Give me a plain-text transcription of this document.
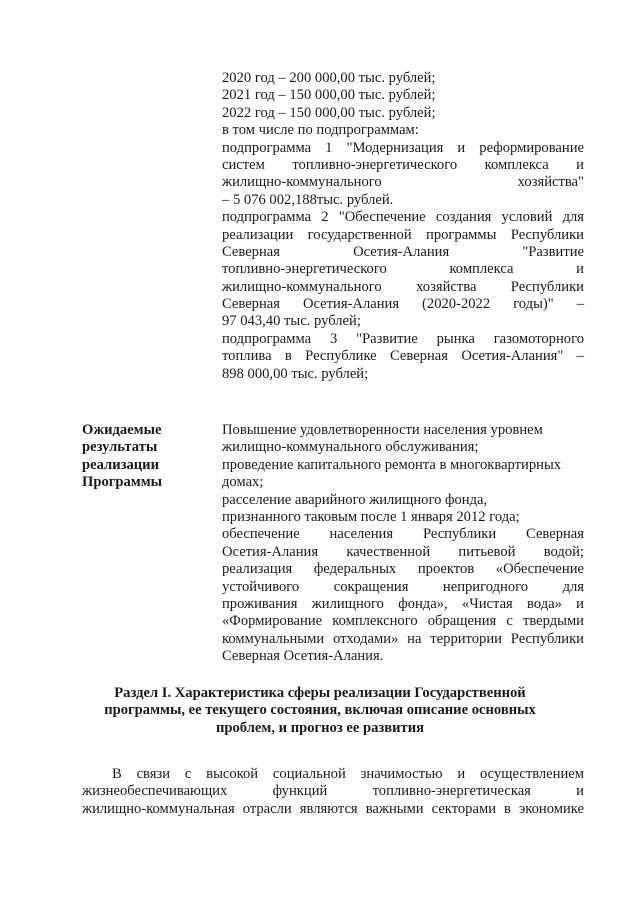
2020 год – 200 000,00 тыс. рублей;
2021 год – 150 000,00 тыс. рублей;
2022 год – 150 000,00 тыс. рублей;
в том числе по подпрограммам:
подпрограмма 1 "Модернизация и реформирование
систем топливно-энергетического комплекса и
жилищно-коммунального хозяйства"
– 5 076 002,188тыс. рублей.
подпрограмма 2 "Обеспечение создания условий для
реализации государственной программы Республики
Северная Осетия-Алания "Развитие
топливно-энергетического комплекса и
жилищно-коммунального хозяйства Республики
Северная Осетия-Алания (2020-2022 годы)" –
97 043,40 тыс. рублей;
подпрограмма 3 "Развитие рынка газомоторного
топлива в Республике Северная Осетия-Алания" –
898 000,00 тыс. рублей;
Ожидаемые результаты реализации Программы
Повышение удовлетворенности населения уровнем
жилищно-коммунального обслуживания;
проведение капитального ремонта в многоквартирных
домах;
расселение аварийного жилищного фонда,
признанного таковым после 1 января 2012 года;
обеспечение населения Республики Северная
Осетия-Алания качественной питьевой водой;
реализация федеральных проектов «Обеспечение
устойчивого сокращения непригодного для
проживания жилищного фонда», «Чистая вода» и
«Формирование комплексного обращения с твердыми
коммунальными отходами» на территории Республики
Северная Осетия-Алания.
Раздел I. Характеристика сферы реализации Государственной
программы, ее текущего состояния, включая описание основных
проблем, и прогноз ее развития
В связи с высокой социальной значимостью и осуществлением
жизнеобеспечивающих функций топливно-энергетическая и
жилищно-коммунальная отрасли являются важными секторами в экономике
